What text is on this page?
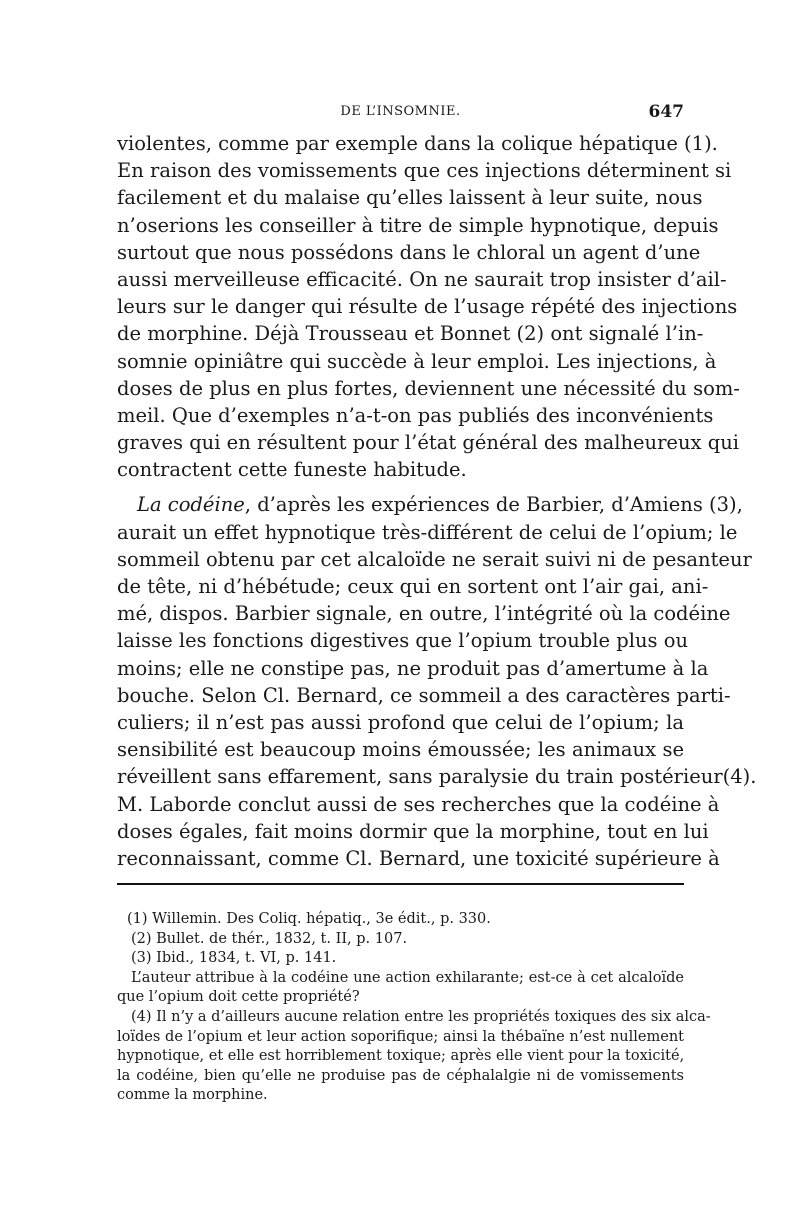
DE L’INSOMNIE.	647
violentes, comme par exemple dans la colique hépatique (1).
En raison des vomissements que ces injections déterminent si
facilement et du malaise qu’elles laissent à leur suite, nous
n’oserions les conseiller à titre de simple hypnotique, depuis
surtout que nous possédons dans le chloral un agent d’une
aussi merveilleuse efficacité. On ne saurait trop insister d’ail-
leurs sur le danger qui résulte de l’usage répété des injections
de morphine. Déjà Trousseau et Bonnet (2) ont signalé l’in-
somnie opiniâtre qui succède à leur emploi. Les injections, à
doses de plus en plus fortes, deviennent une nécessité du som-
meil. Que d’exemples n’a-t-on pas publiés des inconvénients
graves qui en résultent pour l’état général des malheureux qui
contractent cette funeste habitude.
La codéine, d’après les expériences de Barbier, d’Amiens (3),
aurait un effet hypnotique très-différent de celui de l’opium; le
sommeil obtenu par cet alcaloïde ne serait suivi ni de pesanteur
de tête, ni d’hébétude; ceux qui en sortent ont l’air gai, ani-
mé, dispos. Barbier signale, en outre, l’intégrité où la codéine
laisse les fonctions digestives que l’opium trouble plus ou
moins; elle ne constipe pas, ne produit pas d’amertume à la
bouche. Selon Cl. Bernard, ce sommeil a des caractères parti-
culiers; il n’est pas aussi profond que celui de l’opium; la
sensibilité est beaucoup moins émoussée; les animaux se
réveillent sans effarement, sans paralysie du train postérieur(4).
M. Laborde conclut aussi de ses recherches que la codéine à
doses égales, fait moins dormir que la morphine, tout en lui
reconnaissant, comme Cl. Bernard, une toxicité supérieure à
(1) Willemin. Des Coliq. hépatiq., 3e édit., p. 330.
(2) Bullet. de thér., 1832, t. II, p. 107.
(3) Ibid., 1834, t. VI, p. 141.
L’auteur attribue à la codéine une action exhilarante; est-ce à cet alcaloïde
que l’opium doit cette propriété?
(4) Il n’y a d’ailleurs aucune relation entre les propriétés toxiques des six alca-
loïdes de l’opium et leur action soporifique; ainsi la thébaïne n’est nullement
hypnotique, et elle est horriblement toxique; après elle vient pour la toxicité,
la codéine, bien qu’elle ne produise pas de céphalalgie ni de vomissements
comme la morphine.
